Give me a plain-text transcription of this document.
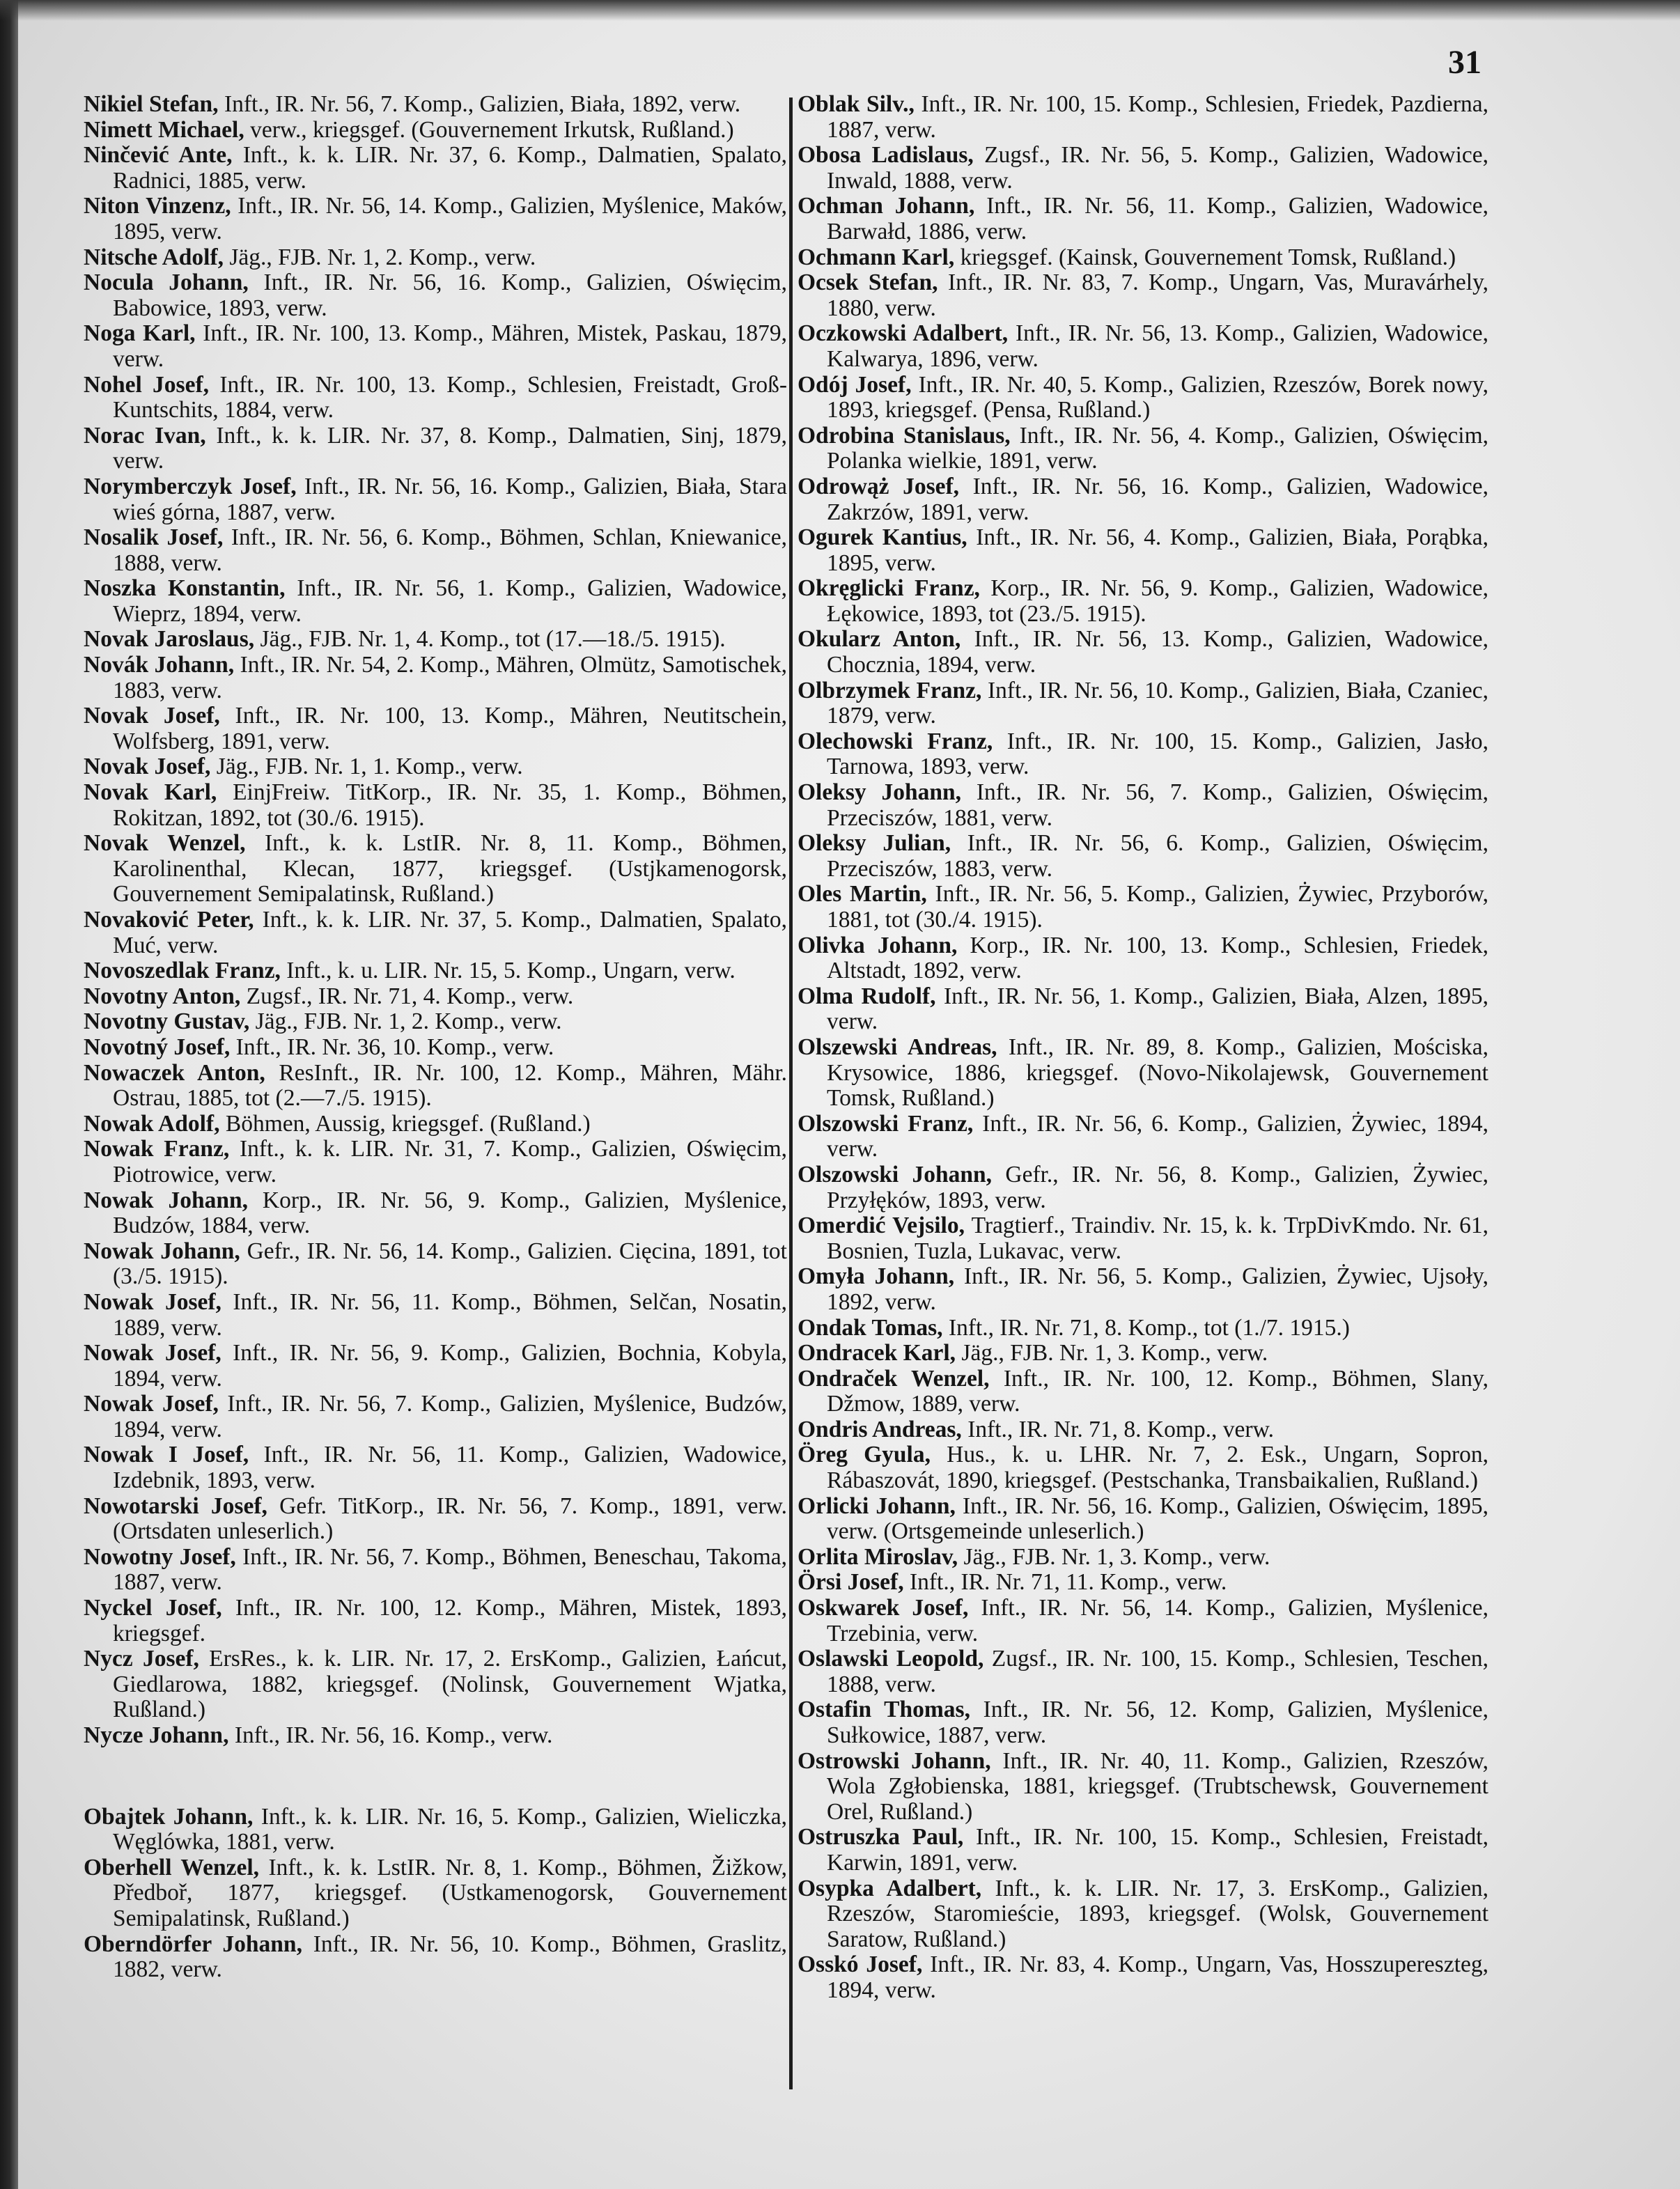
31
Nikiel Stefan, Inft., IR. Nr. 56, 7. Komp., Galizien, Biała, 1892, verw.
Nimett Michael, verw., kriegsgef. (Gouvernement Irkutsk, Rußland.)
Ninčević Ante, Inft., k. k. LIR. Nr. 37, 6. Komp., Dalmatien, Spalato, Radnici, 1885, verw.
Niton Vinzenz, Inft., IR. Nr. 56, 14. Komp., Galizien, Myślenice, Maków, 1895, verw.
Nitsche Adolf, Jäg., FJB. Nr. 1, 2. Komp., verw.
Nocula Johann, Inft., IR. Nr. 56, 16. Komp., Galizien, Oświęcim, Babowice, 1893, verw.
Noga Karl, Inft., IR. Nr. 100, 13. Komp., Mähren, Mistek, Paskau, 1879, verw.
Nohel Josef, Inft., IR. Nr. 100, 13. Komp., Schlesien, Freistadt, Groß-Kuntschits, 1884, verw.
Norac Ivan, Inft., k. k. LIR. Nr. 37, 8. Komp., Dalmatien, Sinj, 1879, verw.
Norymberczyk Josef, Inft., IR. Nr. 56, 16. Komp., Galizien, Biała, Stara wieś górna, 1887, verw.
Nosalik Josef, Inft., IR. Nr. 56, 6. Komp., Böhmen, Schlan, Kniewanice, 1888, verw.
Noszka Konstantin, Inft., IR. Nr. 56, 1. Komp., Galizien, Wadowice, Wieprz, 1894, verw.
Novak Jaroslaus, Jäg., FJB. Nr. 1, 4. Komp., tot (17.—18./5. 1915).
Novák Johann, Inft., IR. Nr. 54, 2. Komp., Mähren, Olmütz, Samotischek, 1883, verw.
Novak Josef, Inft., IR. Nr. 100, 13. Komp., Mähren, Neutitschein, Wolfsberg, 1891, verw.
Novak Josef, Jäg., FJB. Nr. 1, 1. Komp., verw.
Novak Karl, EinjFreiw. TitKorp., IR. Nr. 35, 1. Komp., Böhmen, Rokitzan, 1892, tot (30./6. 1915).
Novak Wenzel, Inft., k. k. LstIR. Nr. 8, 11. Komp., Böhmen, Karolinenthal, Klecan, 1877, kriegsgef. (Ustjkamenogorsk, Gouvernement Semipalatinsk, Rußland.)
Novaković Peter, Inft., k. k. LIR. Nr. 37, 5. Komp., Dalmatien, Spalato, Muć, verw.
Novoszedlak Franz, Inft., k. u. LIR. Nr. 15, 5. Komp., Ungarn, verw.
Novotny Anton, Zugsf., IR. Nr. 71, 4. Komp., verw.
Novotny Gustav, Jäg., FJB. Nr. 1, 2. Komp., verw.
Novotný Josef, Inft., IR. Nr. 36, 10. Komp., verw.
Nowaczek Anton, ResInft., IR. Nr. 100, 12. Komp., Mähren, Mähr. Ostrau, 1885, tot (2.—7./5. 1915).
Nowak Adolf, Böhmen, Aussig, kriegsgef. (Rußland.)
Nowak Franz, Inft., k. k. LIR. Nr. 31, 7. Komp., Galizien, Oświęcim, Piotrowice, verw.
Nowak Johann, Korp., IR. Nr. 56, 9. Komp., Galizien, Myślenice, Budzów, 1884, verw.
Nowak Johann, Gefr., IR. Nr. 56, 14. Komp., Galizien. Cięcina, 1891, tot (3./5. 1915).
Nowak Josef, Inft., IR. Nr. 56, 11. Komp., Böhmen, Selčan, Nosatin, 1889, verw.
Nowak Josef, Inft., IR. Nr. 56, 9. Komp., Galizien, Bochnia, Kobyla, 1894, verw.
Nowak Josef, Inft., IR. Nr. 56, 7. Komp., Galizien, Myślenice, Budzów, 1894, verw.
Nowak I Josef, Inft., IR. Nr. 56, 11. Komp., Galizien, Wadowice, Izdebnik, 1893, verw.
Nowotarski Josef, Gefr. TitKorp., IR. Nr. 56, 7. Komp., 1891, verw. (Ortsdaten unleserlich.)
Nowotny Josef, Inft., IR. Nr. 56, 7. Komp., Böhmen, Beneschau, Takoma, 1887, verw.
Nyckel Josef, Inft., IR. Nr. 100, 12. Komp., Mähren, Mistek, 1893, kriegsgef.
Nycz Josef, ErsRes., k. k. LIR. Nr. 17, 2. ErsKomp., Galizien, Łańcut, Giedlarowa, 1882, kriegsgef. (Nolinsk, Gouvernement Wjatka, Rußland.)
Nycze Johann, Inft., IR. Nr. 56, 16. Komp., verw.
Obajtek Johann, Inft., k. k. LIR. Nr. 16, 5. Komp., Galizien, Wieliczka, Węglówka, 1881, verw.
Oberhell Wenzel, Inft., k. k. LstIR. Nr. 8, 1. Komp., Böhmen, Žižkow, Předboř, 1877, kriegsgef. (Ustkamenogorsk, Gouvernement Semipalatinsk, Rußland.)
Oberndörfer Johann, Inft., IR. Nr. 56, 10. Komp., Böhmen, Graslitz, 1882, verw.
Oblak Silv., Inft., IR. Nr. 100, 15. Komp., Schlesien, Friedek, Pazdierna, 1887, verw.
Obosa Ladislaus, Zugsf., IR. Nr. 56, 5. Komp., Galizien, Wadowice, Inwald, 1888, verw.
Ochman Johann, Inft., IR. Nr. 56, 11. Komp., Galizien, Wadowice, Barwałd, 1886, verw.
Ochmann Karl, kriegsgef. (Kainsk, Gouvernement Tomsk, Rußland.)
Ocsek Stefan, Inft., IR. Nr. 83, 7. Komp., Ungarn, Vas, Muravárhely, 1880, verw.
Oczkowski Adalbert, Inft., IR. Nr. 56, 13. Komp., Galizien, Wadowice, Kalwarya, 1896, verw.
Odój Josef, Inft., IR. Nr. 40, 5. Komp., Galizien, Rzeszów, Borek nowy, 1893, kriegsgef. (Pensa, Rußland.)
Odrobina Stanislaus, Inft., IR. Nr. 56, 4. Komp., Galizien, Oświęcim, Polanka wielkie, 1891, verw.
Odrowąż Josef, Inft., IR. Nr. 56, 16. Komp., Galizien, Wadowice, Zakrzów, 1891, verw.
Ogurek Kantius, Inft., IR. Nr. 56, 4. Komp., Galizien, Biała, Porąbka, 1895, verw.
Okręglicki Franz, Korp., IR. Nr. 56, 9. Komp., Galizien, Wadowice, Łękowice, 1893, tot (23./5. 1915).
Okularz Anton, Inft., IR. Nr. 56, 13. Komp., Galizien, Wadowice, Chocznia, 1894, verw.
Olbrzymek Franz, Inft., IR. Nr. 56, 10. Komp., Galizien, Biała, Czaniec, 1879, verw.
Olechowski Franz, Inft., IR. Nr. 100, 15. Komp., Galizien, Jasło, Tarnowa, 1893, verw.
Oleksy Johann, Inft., IR. Nr. 56, 7. Komp., Galizien, Oświęcim, Przeciszów, 1881, verw.
Oleksy Julian, Inft., IR. Nr. 56, 6. Komp., Galizien, Oświęcim, Przeciszów, 1883, verw.
Oles Martin, Inft., IR. Nr. 56, 5. Komp., Galizien, Żywiec, Przyborów, 1881, tot (30./4. 1915).
Olivka Johann, Korp., IR. Nr. 100, 13. Komp., Schlesien, Friedek, Altstadt, 1892, verw.
Olma Rudolf, Inft., IR. Nr. 56, 1. Komp., Galizien, Biała, Alzen, 1895, verw.
Olszewski Andreas, Inft., IR. Nr. 89, 8. Komp., Galizien, Mościska, Krysowice, 1886, kriegsgef. (Novo-Nikolajewsk, Gouvernement Tomsk, Rußland.)
Olszowski Franz, Inft., IR. Nr. 56, 6. Komp., Galizien, Żywiec, 1894, verw.
Olszowski Johann, Gefr., IR. Nr. 56, 8. Komp., Galizien, Żywiec, Przyłęków, 1893, verw.
Omerdić Vejsilo, Tragtierf., Traindiv. Nr. 15, k. k. TrpDivKmdo. Nr. 61, Bosnien, Tuzla, Lukavac, verw.
Omyła Johann, Inft., IR. Nr. 56, 5. Komp., Galizien, Żywiec, Ujsoły, 1892, verw.
Ondak Tomas, Inft., IR. Nr. 71, 8. Komp., tot (1./7. 1915.)
Ondracek Karl, Jäg., FJB. Nr. 1, 3. Komp., verw.
Ondraček Wenzel, Inft., IR. Nr. 100, 12. Komp., Böhmen, Slany, Džmow, 1889, verw.
Ondris Andreas, Inft., IR. Nr. 71, 8. Komp., verw.
Öreg Gyula, Hus., k. u. LHR. Nr. 7, 2. Esk., Ungarn, Sopron, Rábaszovát, 1890, kriegsgef. (Pestschanka, Transbaikalien, Rußland.)
Orlicki Johann, Inft., IR. Nr. 56, 16. Komp., Galizien, Oświęcim, 1895, verw. (Ortsgemeinde unleserlich.)
Orlita Miroslav, Jäg., FJB. Nr. 1, 3. Komp., verw.
Örsi Josef, Inft., IR. Nr. 71, 11. Komp., verw.
Oskwarek Josef, Inft., IR. Nr. 56, 14. Komp., Galizien, Myślenice, Trzebinia, verw.
Oslawski Leopold, Zugsf., IR. Nr. 100, 15. Komp., Schlesien, Teschen, 1888, verw.
Ostafin Thomas, Inft., IR. Nr. 56, 12. Komp, Galizien, Myślenice, Sułkowice, 1887, verw.
Ostrowski Johann, Inft., IR. Nr. 40, 11. Komp., Galizien, Rzeszów, Wola Zgłobienska, 1881, kriegsgef. (Trubtschewsk, Gouvernement Orel, Rußland.)
Ostruszka Paul, Inft., IR. Nr. 100, 15. Komp., Schlesien, Freistadt, Karwin, 1891, verw.
Osypka Adalbert, Inft., k. k. LIR. Nr. 17, 3. ErsKomp., Galizien, Rzeszów, Staromieście, 1893, kriegsgef. (Wolsk, Gouvernement Saratow, Rußland.)
Osskó Josef, Inft., IR. Nr. 83, 4. Komp., Ungarn, Vas, Hosszupereszteg, 1894, verw.
